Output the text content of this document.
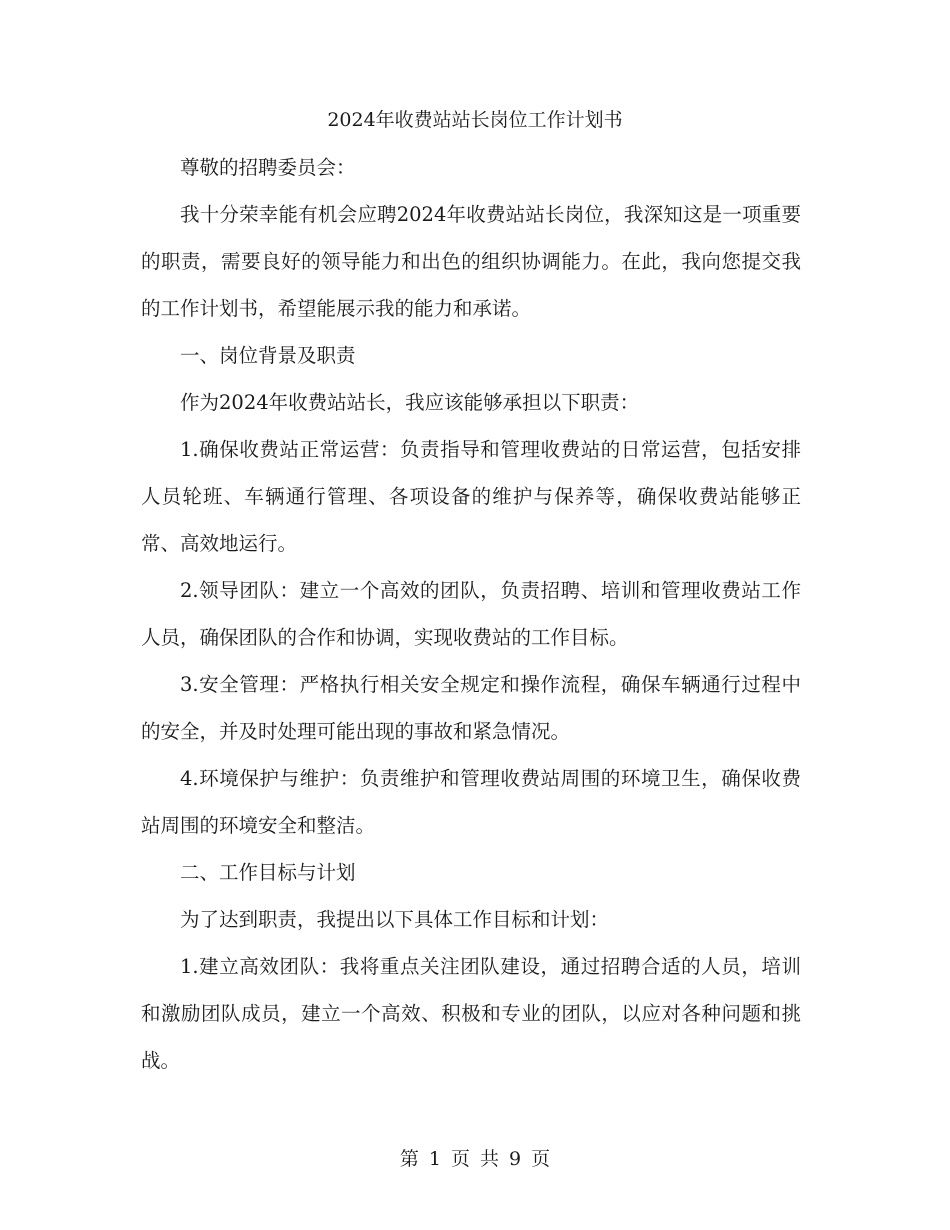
2024年收费站站长岗位工作计划书

尊敬的招聘委员会：

我十分荣幸能有机会应聘2024年收费站站长岗位，我深知这是一项重要的职责，需要良好的领导能力和出色的组织协调能力。在此，我向您提交我的工作计划书，希望能展示我的能力和承诺。

一、岗位背景及职责

作为2024年收费站站长，我应该能够承担以下职责：

1.确保收费站正常运营：负责指导和管理收费站的日常运营，包括安排人员轮班、车辆通行管理、各项设备的维护与保养等，确保收费站能够正常、高效地运行。

2.领导团队：建立一个高效的团队，负责招聘、培训和管理收费站工作人员，确保团队的合作和协调，实现收费站的工作目标。

3.安全管理：严格执行相关安全规定和操作流程，确保车辆通行过程中的安全，并及时处理可能出现的事故和紧急情况。

4.环境保护与维护：负责维护和管理收费站周围的环境卫生，确保收费站周围的环境安全和整洁。

二、工作目标与计划

为了达到职责，我提出以下具体工作目标和计划：

1.建立高效团队：我将重点关注团队建设，通过招聘合适的人员，培训和激励团队成员，建立一个高效、积极和专业的团队，以应对各种问题和挑战。

第 1 页 共 9 页
